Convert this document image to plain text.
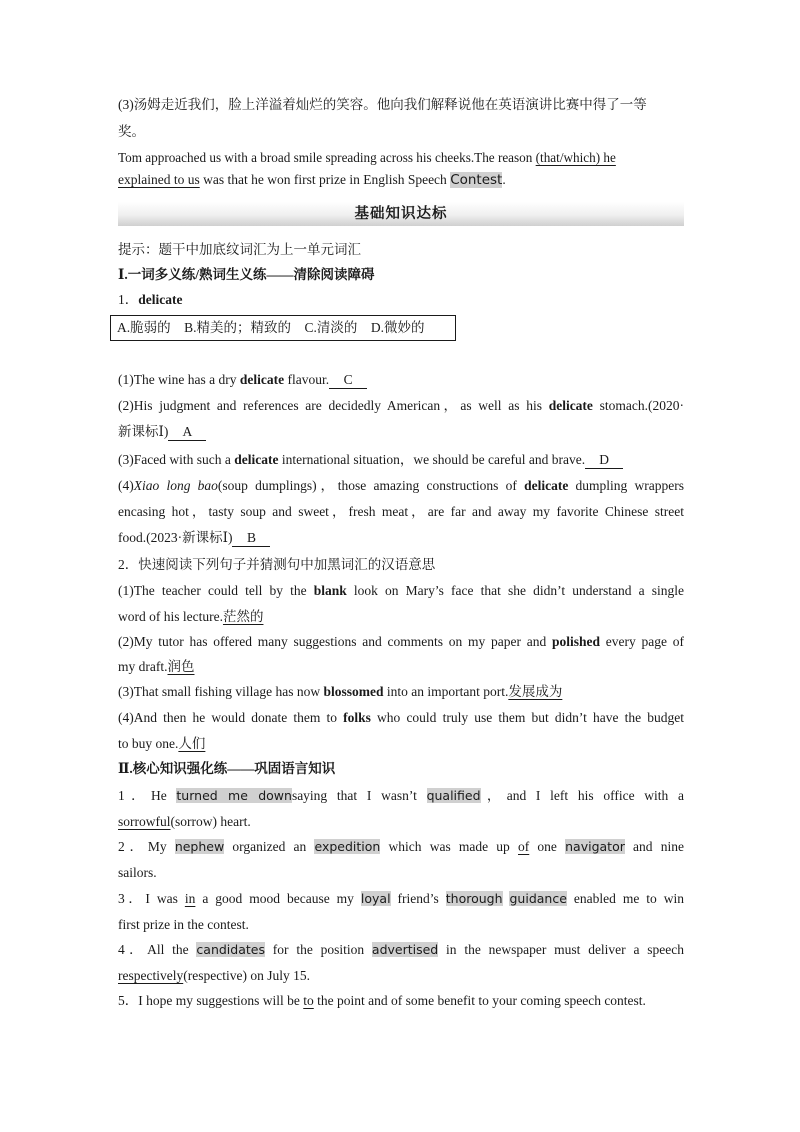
(3)汤姆走近我们，脸上洋溢着灿烂的笑容。他向我们解释说他在英语演讲比赛中得了一等
奖。
Tom approached us with a broad smile spreading across his cheeks.The reason (that/which) he
explained to us was that he won first prize in English Speech Contest.
基础知识达标
提示：题干中加底纹词汇为上一单元词汇
Ⅰ.一词多义练/熟词生义练——清除阅读障碍
1．delicate
A.脆弱的　B.精美的；精致的　C.清淡的　D.微妙的
(1)The wine has a dry delicate flavour. C
(2)His judgment and references are decidedly American，as well as his delicate stomach.(2020·
新课标Ⅰ) A
(3)Faced with such a delicate international situation，we should be careful and brave. D
(4)Xiao long bao(soup dumplings)，those amazing constructions of delicate dumpling wrappers
encasing hot，tasty soup and sweet，fresh meat，are far and away my favorite Chinese street
food.(2023·新课标Ⅰ) B
2．快速阅读下列句子并猜测句中加黑词汇的汉语意思
(1)The teacher could tell by the blank look on Mary’s face that she didn’t understand a single
word of his lecture.茫然的
(2)My tutor has offered many suggestions and comments on my paper and polished every page of
my draft.润色
(3)That small fishing village has now blossomed into an important port.发展成为
(4)And then he would donate them to folks who could truly use them but didn’t have the budget
to buy one.人们
Ⅱ.核心知识强化练——巩固语言知识
1．He turned me downsaying that I wasn’t qualified，and I left his office with a
sorrowful(sorrow) heart.
2．My nephew organized an expedition which was made up of one navigator and nine
sailors.
3．I was in a good mood because my loyal friend’s thorough guidance enabled me to win
first prize in the contest.
4．All the candidates for the position advertised in the newspaper must deliver a speech
respectively(respective) on July 15.
5．I hope my suggestions will be to the point and of some benefit to your coming speech contest.
